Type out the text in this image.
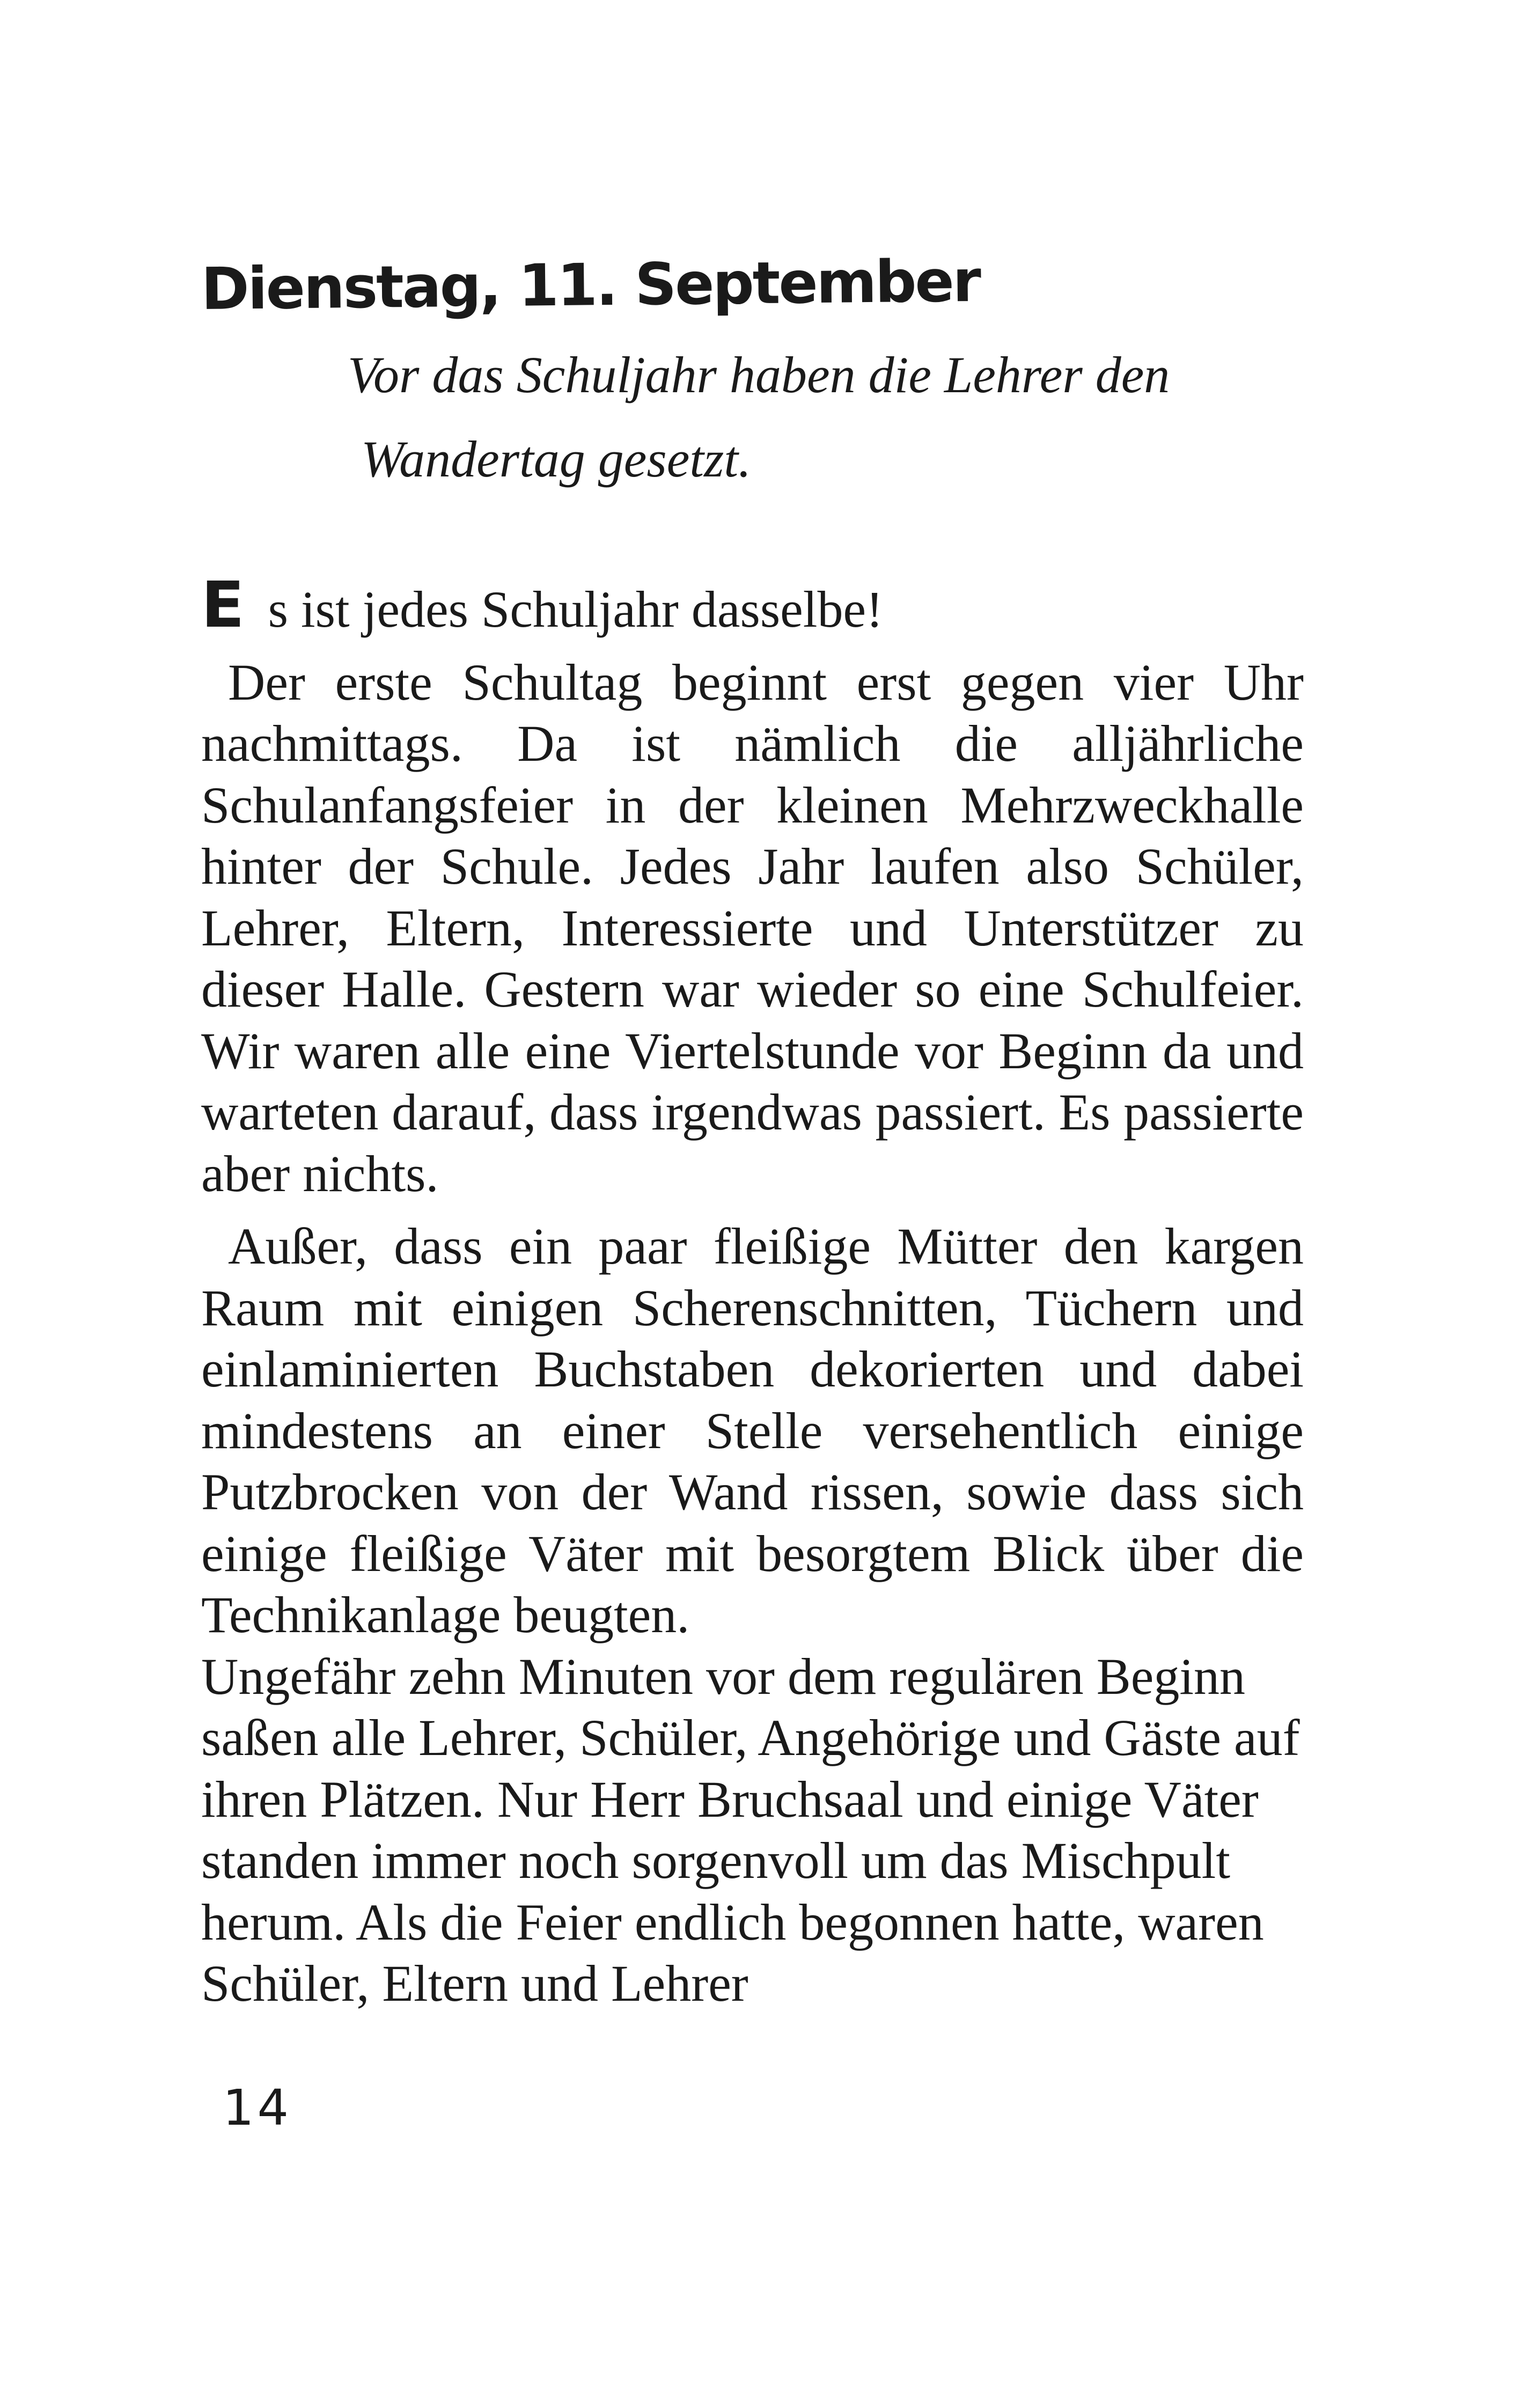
Dienstag, 11. September
Vor das Schuljahr haben die Lehrer den
Wandertag gesetzt.

E s ist jedes Schuljahr dasselbe!

Der erste Schultag beginnt erst gegen vier Uhr nachmittags. Da ist nämlich die alljährliche Schulanfangsfeier in der kleinen Mehrzweckhalle hinter der Schule. Jedes Jahr laufen also Schüler, Lehrer, Eltern, Interessierte und Unterstützer zu dieser Halle. Gestern war wieder so eine Schulfeier. Wir waren alle eine Viertelstunde vor Beginn da und warteten darauf, dass irgendwas passiert. Es passierte aber nichts.

Außer, dass ein paar fleißige Mütter den kargen Raum mit einigen Scherenschnitten, Tüchern und einlaminierten Buchstaben dekorierten und dabei mindestens an einer Stelle versehentlich einige Putzbrocken von der Wand rissen, sowie dass sich einige fleißige Väter mit besorgtem Blick über die Technikanlage beugten.

Ungefähr zehn Minuten vor dem regulären Beginn saßen alle Lehrer, Schüler, Angehörige und Gäste auf ihren Plätzen. Nur Herr Bruchsaal und einige Väter standen immer noch sorgenvoll um das Mischpult herum. Als die Feier endlich begonnen hatte, waren Schüler, Eltern und Lehrer

14
